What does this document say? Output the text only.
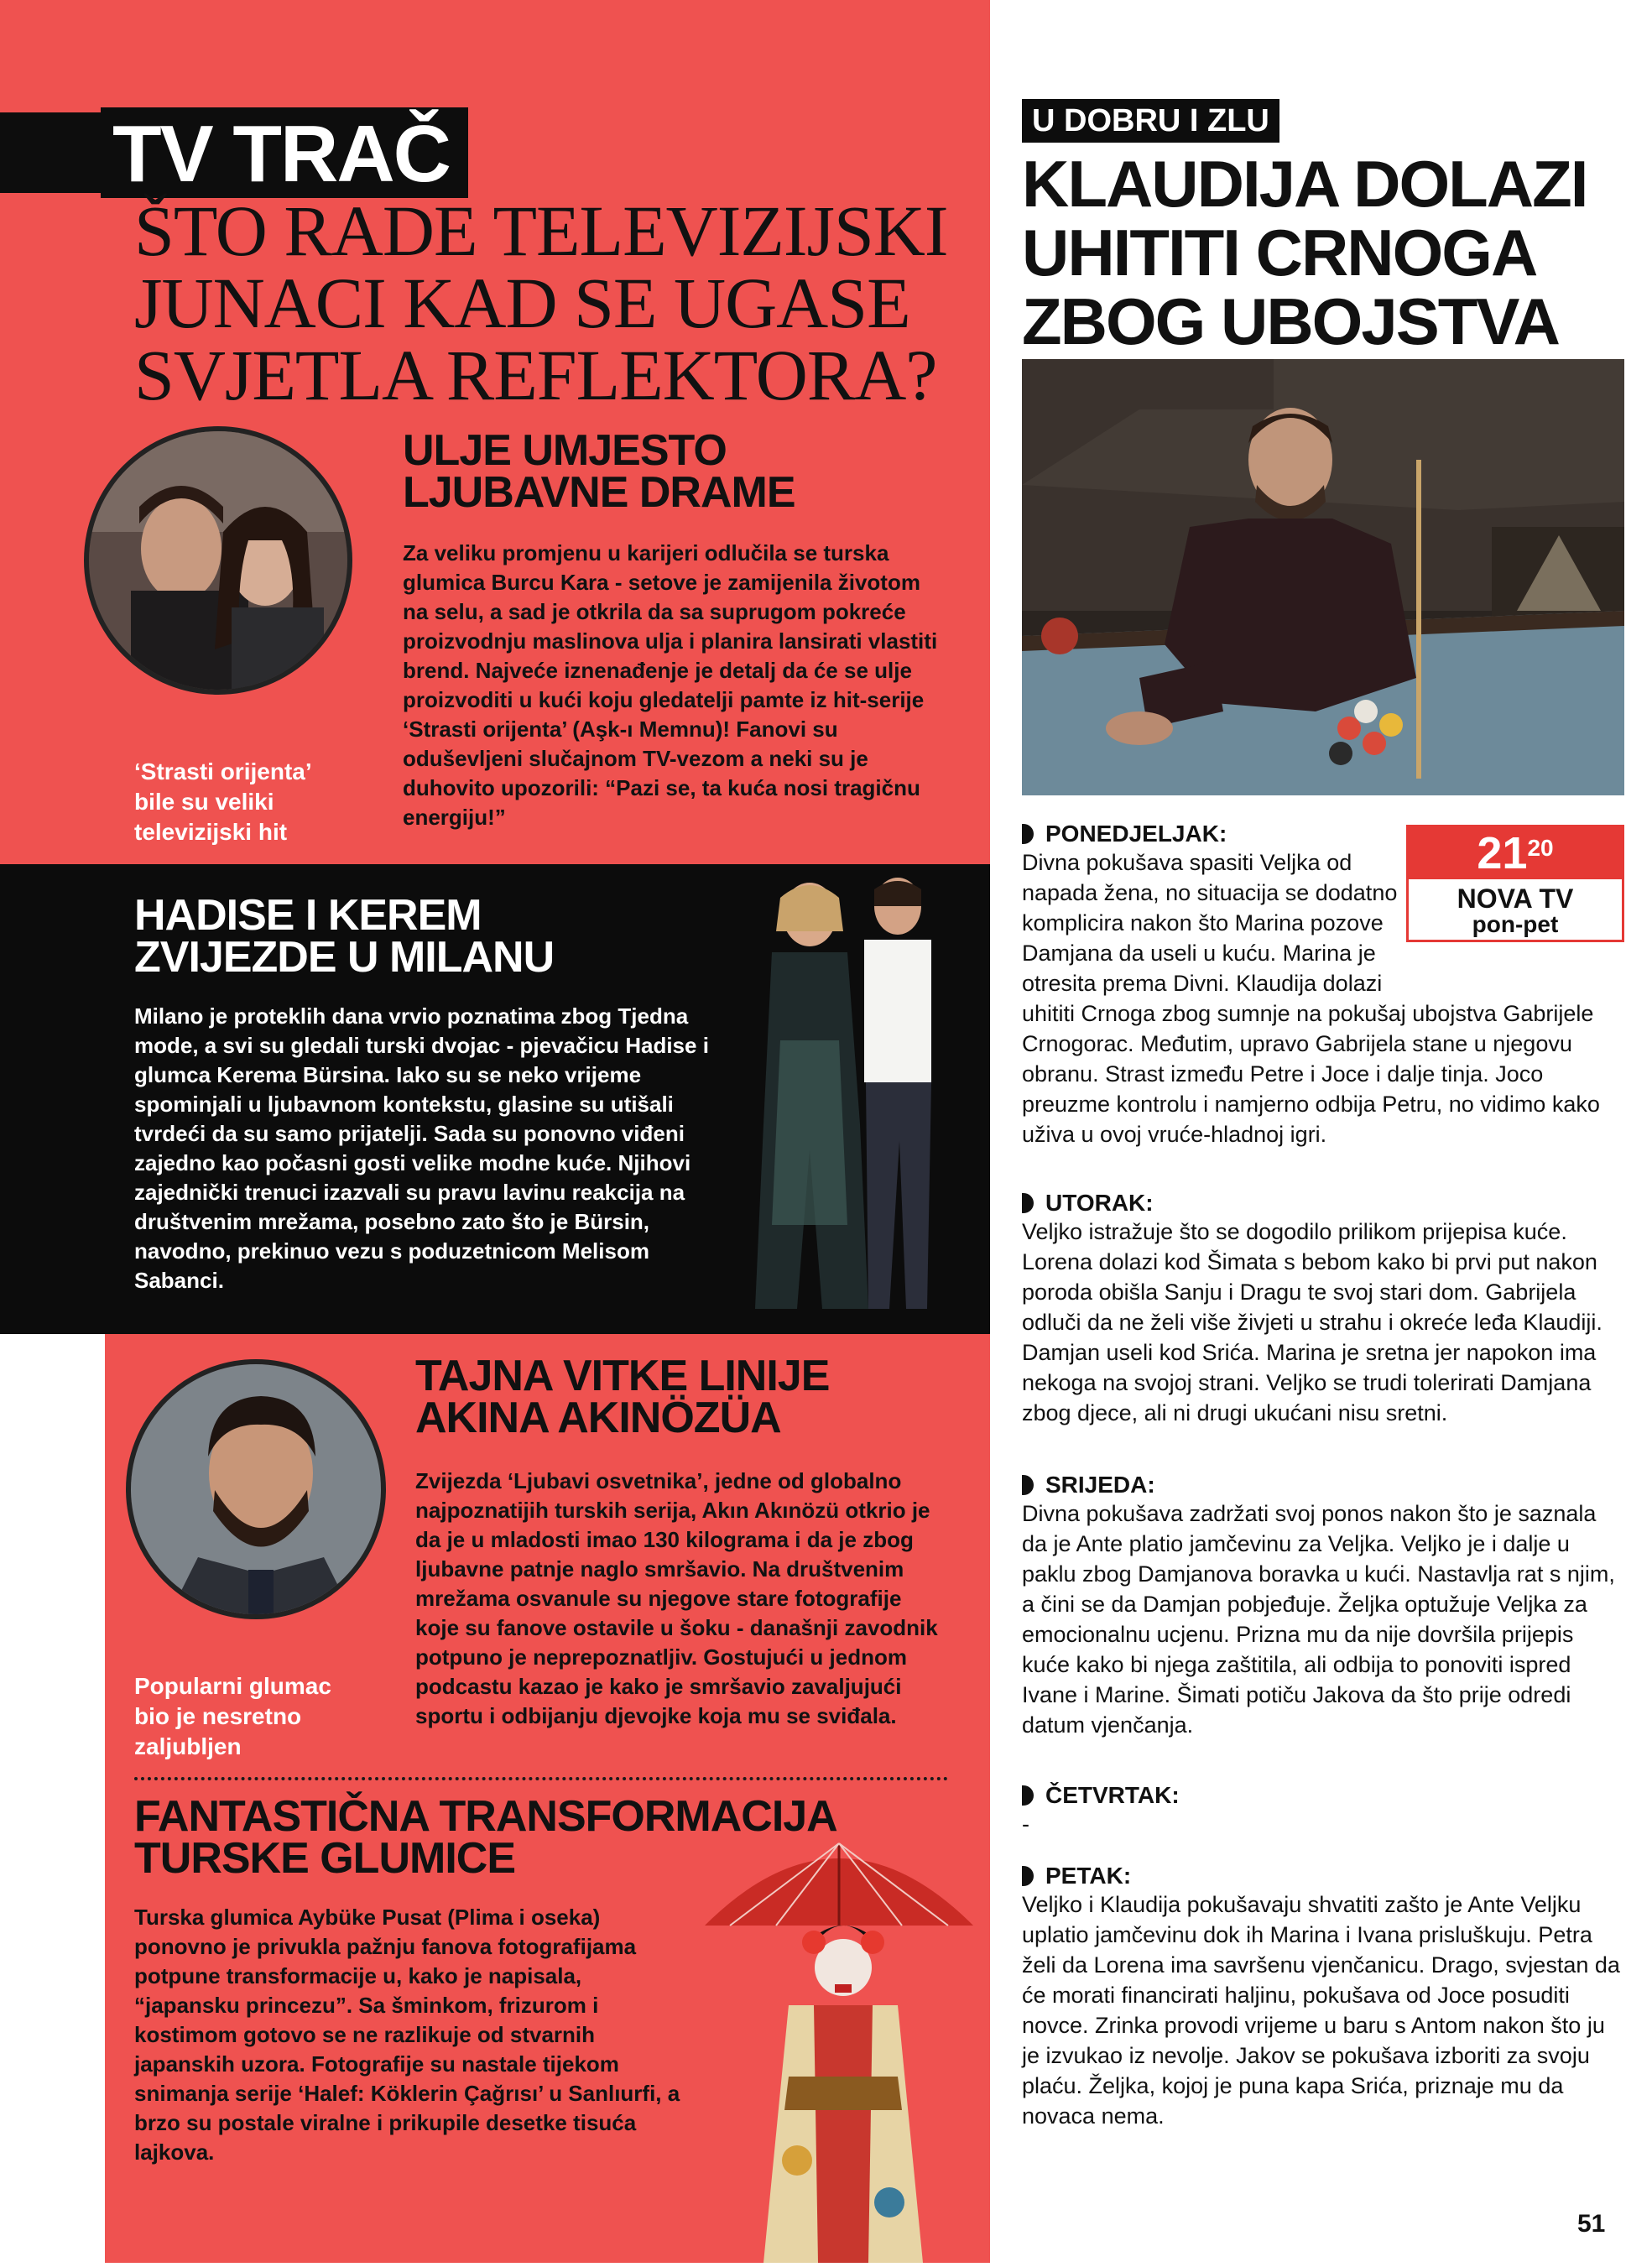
TV TRAČ
ŠTO RADE TELEVIZIJSKI
JUNACI KAD SE UGASE
SVJETLA REFLEKTORA?
ULJE UMJESTO
LJUBAVNE DRAME
Za veliku promjenu u karijeri odlučila se turska glumica Burcu Kara - setove je zamijenila životom na selu, a sad je otkrila da sa suprugom pokreće proizvodnju maslinova ulja i planira lansirati vlastiti brend. Najveće iznenađenje je detalj da će se ulje proizvoditi u kući koju gledatelji pamte iz hit-serije ‘Strasti orijenta’ (Aşk-ı Memnu)! Fanovi su oduševljeni slučajnom TV-vezom a neki su je duhovito upozorili: “Pazi se, ta kuća nosi tragičnu energiju!”
‘Strasti orijenta’ bile su veliki televizijski hit
HADISE I KEREM
ZVIJEZDE U MILANU
Milano je proteklih dana vrvio poznatima zbog Tjedna mode, a svi su gledali turski dvojac - pjevačicu Hadise i glumca Kerema Bürsina. Iako su se neko vrijeme spominjali u ljubavnom kontekstu, glasine su utišali tvrdeći da su samo prijatelji. Sada su ponovno viđeni zajedno kao počasni gosti velike modne kuće. Njihovi zajednički trenuci izazvali su pravu lavinu reakcija na društvenim mrežama, posebno zato što je Bürsin, navodno, prekinuo vezu s poduzetnicom Melisom Sabanci.
TAJNA VITKE LINIJE
AKINA AKINÖZÜA
Zvijezda ‘Ljubavi osvetnika’, jedne od globalno najpoznatijih turskih serija, Akın Akınözü otkrio je da je u mladosti imao 130 kilograma i da je zbog ljubavne patnje naglo smršavio. Na društvenim mrežama osvanule su njegove stare fotografije koje su fanove ostavile u šoku - današnji zavodnik potpuno je neprepoznatljiv. Gostujući u jednom podcastu kazao je kako je smršavio zavaljujući sportu i odbijanju djevojke koja mu se sviđala.
Popularni glumac bio je nesretno zaljubljen
FANTASTIČNA TRANSFORMACIJA
TURSKE GLUMICE
Turska glumica Aybüke Pusat (Plima i oseka) ponovno je privukla pažnju fanova fotografijama potpune transformacije u, kako je napisala, “japansku princezu”. Sa šminkom, frizurom i kostimom gotovo se ne razlikuje od stvarnih japanskih uzora. Fotografije su nastale tijekom snimanja serije ‘Halef: Köklerin Çağrısı’ u Sanlıurfi, a brzo su postale viralne i prikupile desetke tisuća lajkova.
U DOBRU I ZLU
KLAUDIJA DOLAZI
UHITITI CRNOGA
ZBOG UBOJSTVA
$21^{20}$
NOVA TV
pon-pet
PONEDJELJAK:
Divna pokušava spasiti Veljka od napada žena, no situacija se dodatno komplicira nakon što Marina pozove Damjana da useli u kuću. Marina je otresita prema Divni. Klaudija dolazi uhititi Crnoga zbog sumnje na pokušaj ubojstva Gabrijele Crnogorac. Međutim, upravo Gabrijela stane u njegovu obranu. Strast između Petre i Joce i dalje tinja. Joco preuzme kontrolu i namjerno odbija Petru, no vidimo kako uživa u ovoj vruće-hladnoj igri.
UTORAK:
Veljko istražuje što se dogodilo prilikom prijepisa kuće. Lorena dolazi kod Šimata s bebom kako bi prvi put nakon poroda obišla Sanju i Dragu te svoj stari dom. Gabrijela odluči da ne želi više živjeti u strahu i okreće leđa Klaudiji. Damjan useli kod Srića. Marina je sretna jer napokon ima nekoga na svojoj strani. Veljko se trudi tolerirati Damjana zbog djece, ali ni drugi ukućani nisu sretni.
SRIJEDA:
Divna pokušava zadržati svoj ponos nakon što je saznala da je Ante platio jamčevinu za Veljka. Veljko je i dalje u paklu zbog Damjanova boravka u kući. Nastavlja rat s njim, a čini se da Damjan pobjeđuje. Željka optužuje Veljka za emocionalnu ucjenu. Prizna mu da nije dovršila prijepis kuće kako bi njega zaštitila, ali odbija to ponoviti ispred Ivane i Marine. Šimati potiču Jakova da što prije odredi datum vjenčanja.
ČETVRTAK:
-
PETAK:
Veljko i Klaudija pokušavaju shvatiti zašto je Ante Veljku uplatio jamčevinu dok ih Marina i Ivana prisluškuju. Petra želi da Lorena ima savršenu vjenčanicu. Drago, svjestan da će morati financirati haljinu, pokušava od Joce posuditi novce. Zrinka provodi vrijeme u baru s Antom nakon što ju je izvukao iz nevolje. Jakov se pokušava izboriti za svoju plaću. Željka, kojoj je puna kapa Srića, priznaje mu da novaca nema.
51
